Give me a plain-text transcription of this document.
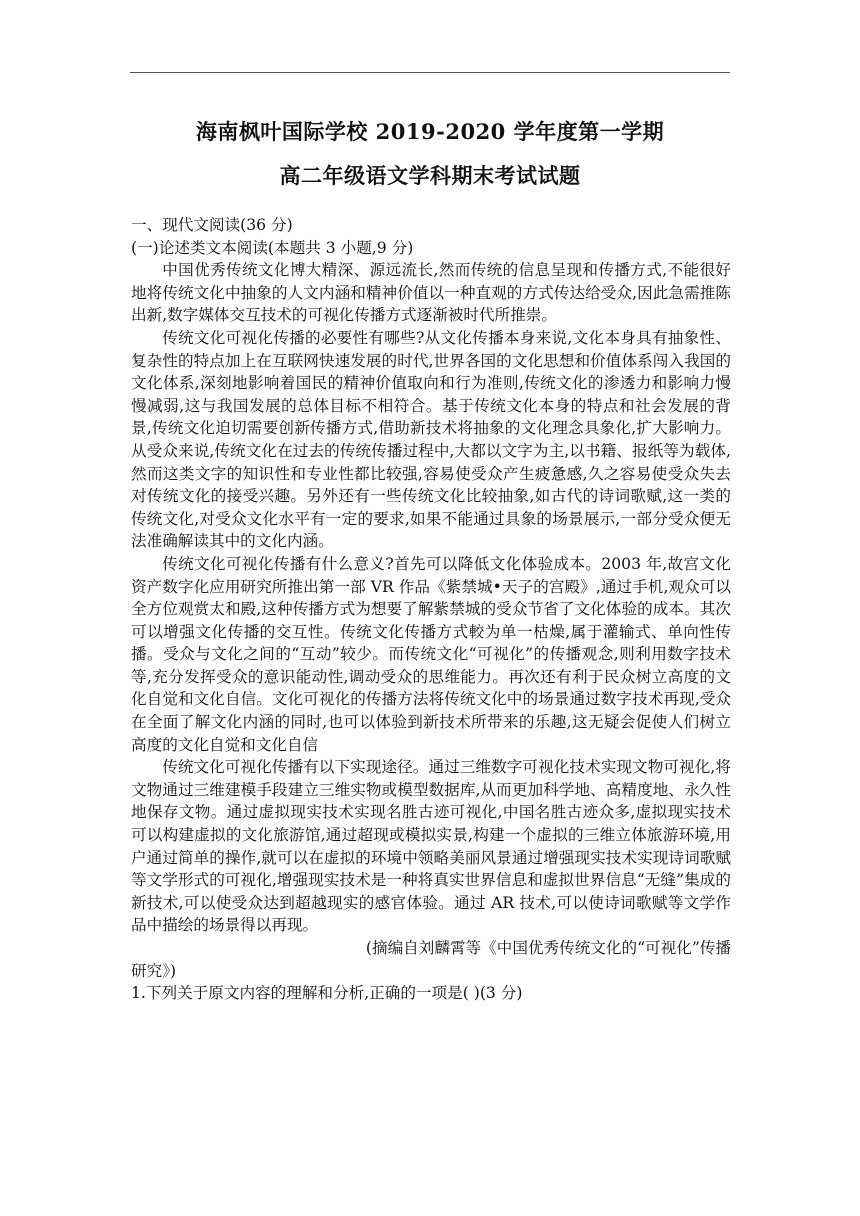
海南枫叶国际学校 2019-2020 学年度第一学期
高二年级语文学科期末考试试题

一、现代文阅读(36 分)

(一)论述类文本阅读(本题共 3 小题,9 分)

中国优秀传统文化博大精深、源远流长,然而传统的信息呈现和传播方式,不能很好地将传统文化中抽象的人文内涵和精神价值以一种直观的方式传达给受众,因此急需推陈出新,数字媒体交互技术的可视化传播方式逐渐被时代所推崇。

传统文化可视化传播的必要性有哪些?从文化传播本身来说,文化本身具有抽象性、复杂性的特点加上在互联网快速发展的时代,世界各国的文化思想和价值体系闯入我国的文化体系,深刻地影响着国民的精神价值取向和行为准则,传统文化的渗透力和影响力慢慢减弱,这与我国发展的总体目标不相符合。基于传统文化本身的特点和社会发展的背景,传统文化迫切需要创新传播方式,借助新技术将抽象的文化理念具象化,扩大影响力。从受众来说,传统文化在过去的传统传播过程中,大都以文字为主,以书籍、报纸等为载体,然而这类文字的知识性和专业性都比较强,容易使受众产生疲惫感,久之容易使受众失去对传统文化的接受兴趣。另外还有一些传统文化比较抽象,如古代的诗词歌赋,这一类的传统文化,对受众文化水平有一定的要求,如果不能通过具象的场景展示,一部分受众便无法准确解读其中的文化内涵。

传统文化可视化传播有什么意义?首先可以降低文化体验成本。2003 年,故宫文化资产数字化应用研究所推出第一部 VR 作品《紫禁城•天子的宫殿》,通过手机,观众可以全方位观赏太和殿,这种传播方式为想要了解紫禁城的受众节省了文化体验的成本。其次可以增强文化传播的交互性。传统文化传播方式較为单一枯燥,属于灌输式、单向性传播。受众与文化之间的“互动”较少。而传统文化“可视化”的传播观念,则利用数字技术等,充分发挥受众的意识能动性,调动受众的思维能力。再次还有利于民众树立高度的文化自觉和文化自信。文化可视化的传播方法将传统文化中的场景通过数字技术再现,受众在全面了解文化内涵的同时,也可以体验到新技术所带来的乐趣,这无疑会促使人们树立高度的文化自觉和文化自信

传统文化可视化传播有以下实现途径。通过三维数字可视化技术实现文物可视化,将文物通过三维建模手段建立三维实物或模型数据库,从而更加科学地、高精度地、永久性地保存文物。通过虚拟现实技术实现名胜古迹可视化,中国名胜古迹众多,虚拟现实技术可以构建虚拟的文化旅游馆,通过超现或模拟实景,构建一个虚拟的三维立体旅游环境,用户通过简单的操作,就可以在虚拟的环境中领略美丽风景通过增强现实技术实现诗词歌赋等文学形式的可视化,增强现实技术是一种将真实世界信息和虚拟世界信息“无缝”集成的新技术,可以使受众达到超越现实的感官体验。通过 AR 技术,可以使诗词歌赋等文学作品中描绘的场景得以再现。

(摘编自刘麟霄等《中国优秀传统文化的“可视化”传播

研究》)

1.下列关于原文内容的理解和分析,正确的一项是( )(3 分)
